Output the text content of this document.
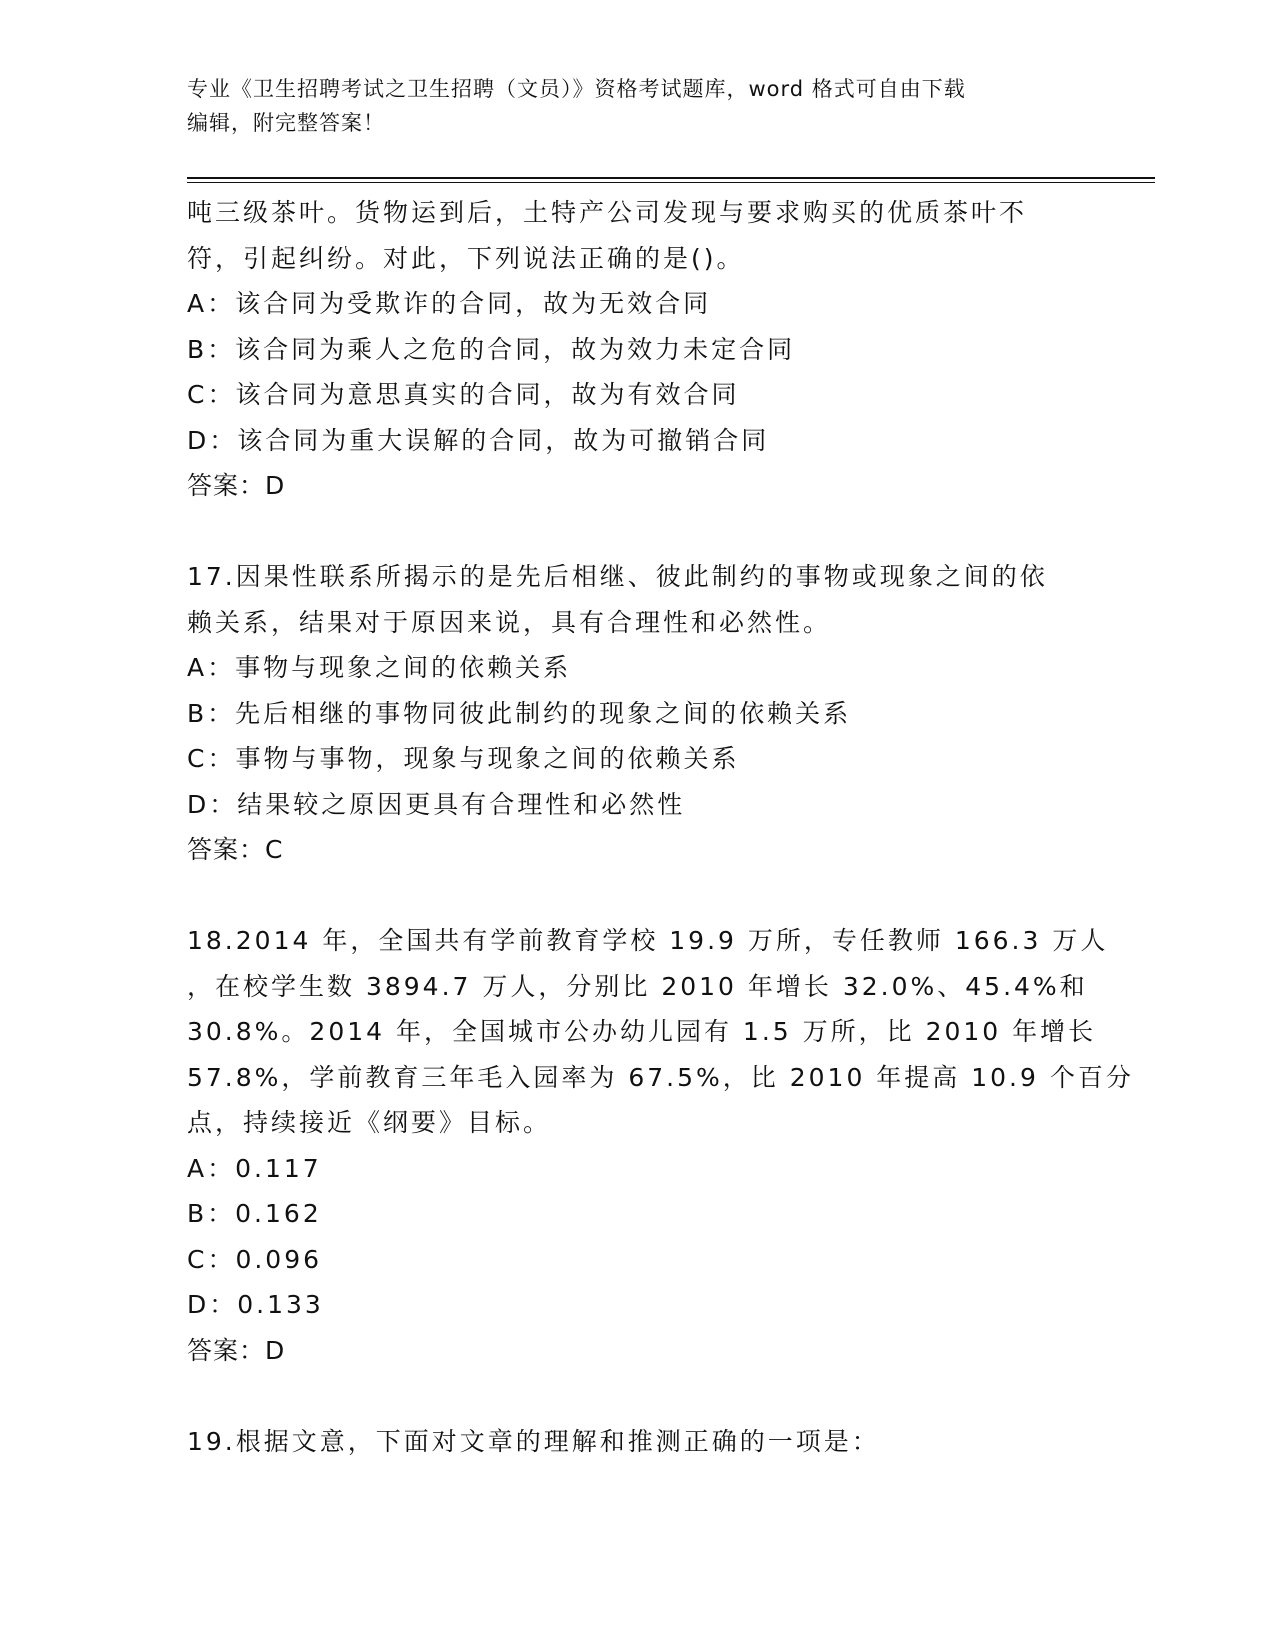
专业《卫生招聘考试之卫生招聘（文员）》资格考试题库，word 格式可自由下载
编辑，附完整答案！
吨三级茶叶。货物运到后，土特产公司发现与要求购买的优质茶叶不
符，引起纠纷。对此，下列说法正确的是()。
A：该合同为受欺诈的合同，故为无效合同
B：该合同为乘人之危的合同，故为效力未定合同
C：该合同为意思真实的合同，故为有效合同
D：该合同为重大误解的合同，故为可撤销合同
答案：D
17.因果性联系所揭示的是先后相继、彼此制约的事物或现象之间的依
赖关系，结果对于原因来说，具有合理性和必然性。
A：事物与现象之间的依赖关系
B：先后相继的事物同彼此制约的现象之间的依赖关系
C：事物与事物，现象与现象之间的依赖关系
D：结果较之原因更具有合理性和必然性
答案：C
18.2014 年，全国共有学前教育学校 19.9 万所，专任教师 166.3 万人
，在校学生数 3894.7 万人，分别比 2010 年增长 32.0%、45.4%和
30.8%。2014 年，全国城市公办幼儿园有 1.5 万所，比 2010 年增长
57.8%，学前教育三年毛入园率为 67.5%，比 2010 年提高 10.9 个百分
点，持续接近《纲要》目标。
A：0.117
B：0.162
C：0.096
D：0.133
答案：D
19.根据文意，下面对文章的理解和推测正确的一项是：
